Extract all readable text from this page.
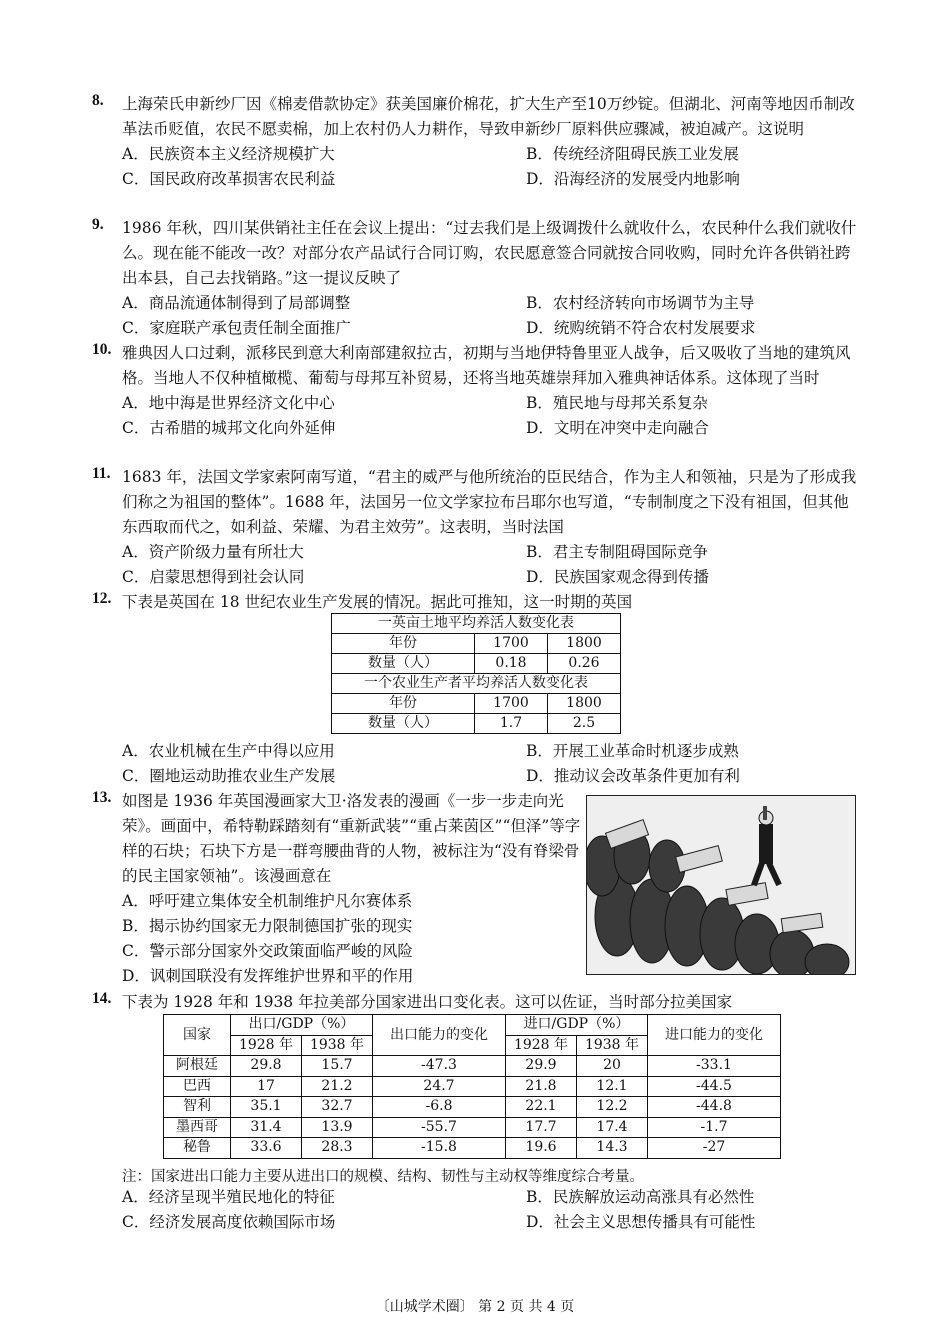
8. 上海荣氏申新纱厂因《棉麦借款协定》获美国廉价棉花，扩大生产至10万纱锭。但湖北、河南等地因币制改革法币贬值，农民不愿卖棉，加上农村仍人力耕作，导致申新纱厂原料供应骤减，被迫减产。这说明
A．民族资本主义经济规模扩大	B．传统经济阻碍民族工业发展
C．国民政府改革损害农民利益	D．沿海经济的发展受内地影响
9. 1986 年秋，四川某供销社主任在会议上提出：“过去我们是上级调拨什么就收什么，农民种什么我们就收什么。现在能不能改一改？对部分农产品试行合同订购，农民愿意签合同就按合同收购，同时允许各供销社跨出本县，自己去找销路。”这一提议反映了
A．商品流通体制得到了局部调整	B．农村经济转向市场调节为主导
C．家庭联产承包责任制全面推广	D．统购统销不符合农村发展要求
10. 雅典因人口过剩，派移民到意大利南部建叙拉古，初期与当地伊特鲁里亚人战争，后又吸收了当地的建筑风格。当地人不仅种植橄榄、葡萄与母邦互补贸易，还将当地英雄崇拜加入雅典神话体系。这体现了当时
A．地中海是世界经济文化中心	B．殖民地与母邦关系复杂
C．古希腊的城邦文化向外延伸	D．文明在冲突中走向融合
11. 1683 年，法国文学家索阿南写道，“君主的威严与他所统治的臣民结合，作为主人和领袖，只是为了形成我们称之为祖国的整体”。1688 年，法国另一位文学家拉布吕耶尔也写道，“专制制度之下没有祖国，但其他东西取而代之，如利益、荣耀、为君主效劳”。这表明，当时法国
A．资产阶级力量有所壮大	B．君主专制阻碍国际竞争
C．启蒙思想得到社会认同	D．民族国家观念得到传播
12. 下表是英国在 18 世纪农业生产发展的情况。据此可推知，这一时期的英国
一英亩土地平均养活人数变化表		
年份	1700	1800
数量（人）	0.18	0.26
一个农业生产者平均养活人数变化表		
年份	1700	1800
数量（人）	1.7	2.5
A．农业机械在生产中得以应用	B．开展工业革命时机逐步成熟
C．圈地运动助推农业生产发展	D．推动议会改革条件更加有利
13. 如图是 1936 年英国漫画家大卫·洛发表的漫画《一步一步走向光荣》。画面中，希特勒踩踏刻有“重新武装”“重占莱茵区”“但泽”等字样的石块；石块下方是一群弯腰曲背的人物，被标注为“没有脊梁骨的民主国家领袖”。该漫画意在
A．呼吁建立集体安全机制维护凡尔赛体系
B．揭示协约国家无力限制德国扩张的现实
C．警示部分国家外交政策面临严峻的风险
D．讽刺国联没有发挥维护世界和平的作用
14. 下表为 1928 年和 1938 年拉美部分国家进出口变化表。这可以佐证，当时部分拉美国家
国家	出口/GDP（%）		出口能力的变化	进口/GDP（%）		进口能力的变化
	1928 年	1938 年		1928 年	1938 年	
阿根廷	29.8	15.7	-47.3	29.9	20	-33.1
巴西	17	21.2	24.7	21.8	12.1	-44.5
智利	35.1	32.7	-6.8	22.1	12.2	-44.8
墨西哥	31.4	13.9	-55.7	17.7	17.4	-1.7
秘鲁	33.6	28.3	-15.8	19.6	14.3	-27
注：国家进出口能力主要从进出口的规模、结构、韧性与主动权等维度综合考量。
A．经济呈现半殖民地化的特征	B．民族解放运动高涨具有必然性
C．经济发展高度依赖国际市场	D．社会主义思想传播具有可能性
〔山城学术圈〕 第 2 页 共 4 页
